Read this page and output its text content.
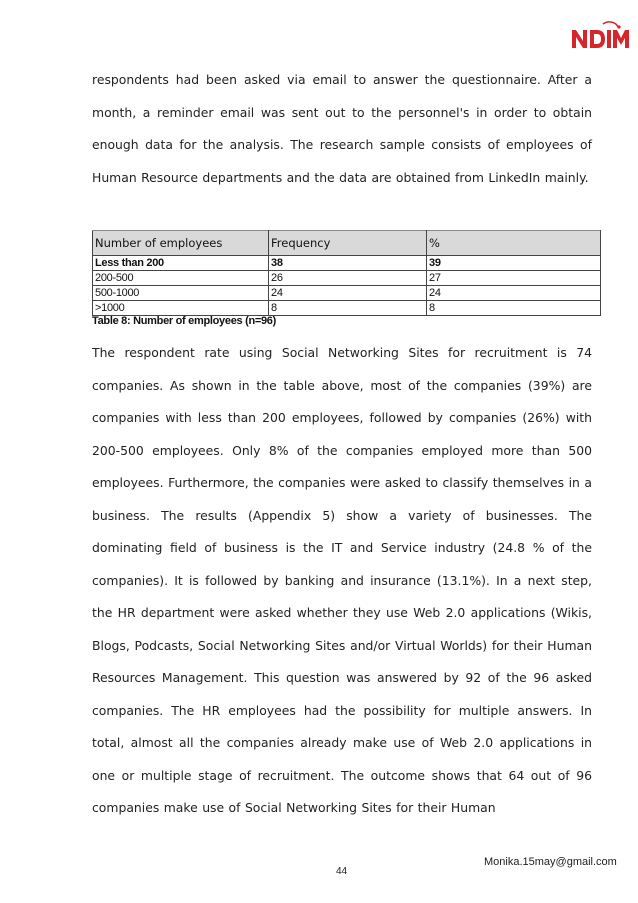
respondents had been asked via email to answer the questionnaire. After a month, a reminder email was sent out to the personnel's in order to obtain enough data for the analysis. The research sample consists of employees of Human Resource departments and the data are obtained from LinkedIn mainly.

Number of employees	Frequency	%
Less than 200	38	39
200-500	26	27
500-1000	24	24
>1000	8	8
Table 8: Number of employees (n=96)

The respondent rate using Social Networking Sites for recruitment is 74 companies. As shown in the table above, most of the companies (39%) are companies with less than 200 employees, followed by companies (26%) with 200-500 employees. Only 8% of the companies employed more than 500 employees. Furthermore, the companies were asked to classify themselves in a business. The results (Appendix 5) show a variety of businesses. The dominating field of business is the IT and Service industry (24.8 % of the companies). It is followed by banking and insurance (13.1%). In a next step, the HR department were asked whether they use Web 2.0 applications (Wikis, Blogs, Podcasts, Social Networking Sites and/or Virtual Worlds) for their Human Resources Management. This question was answered by 92 of the 96 asked companies. The HR employees had the possibility for multiple answers. In total, almost all the companies already make use of Web 2.0 applications in one or multiple stage of recruitment. The outcome shows that 64 out of 96 companies make use of Social Networking Sites for their Human

Monika.15may@gmail.com
44
